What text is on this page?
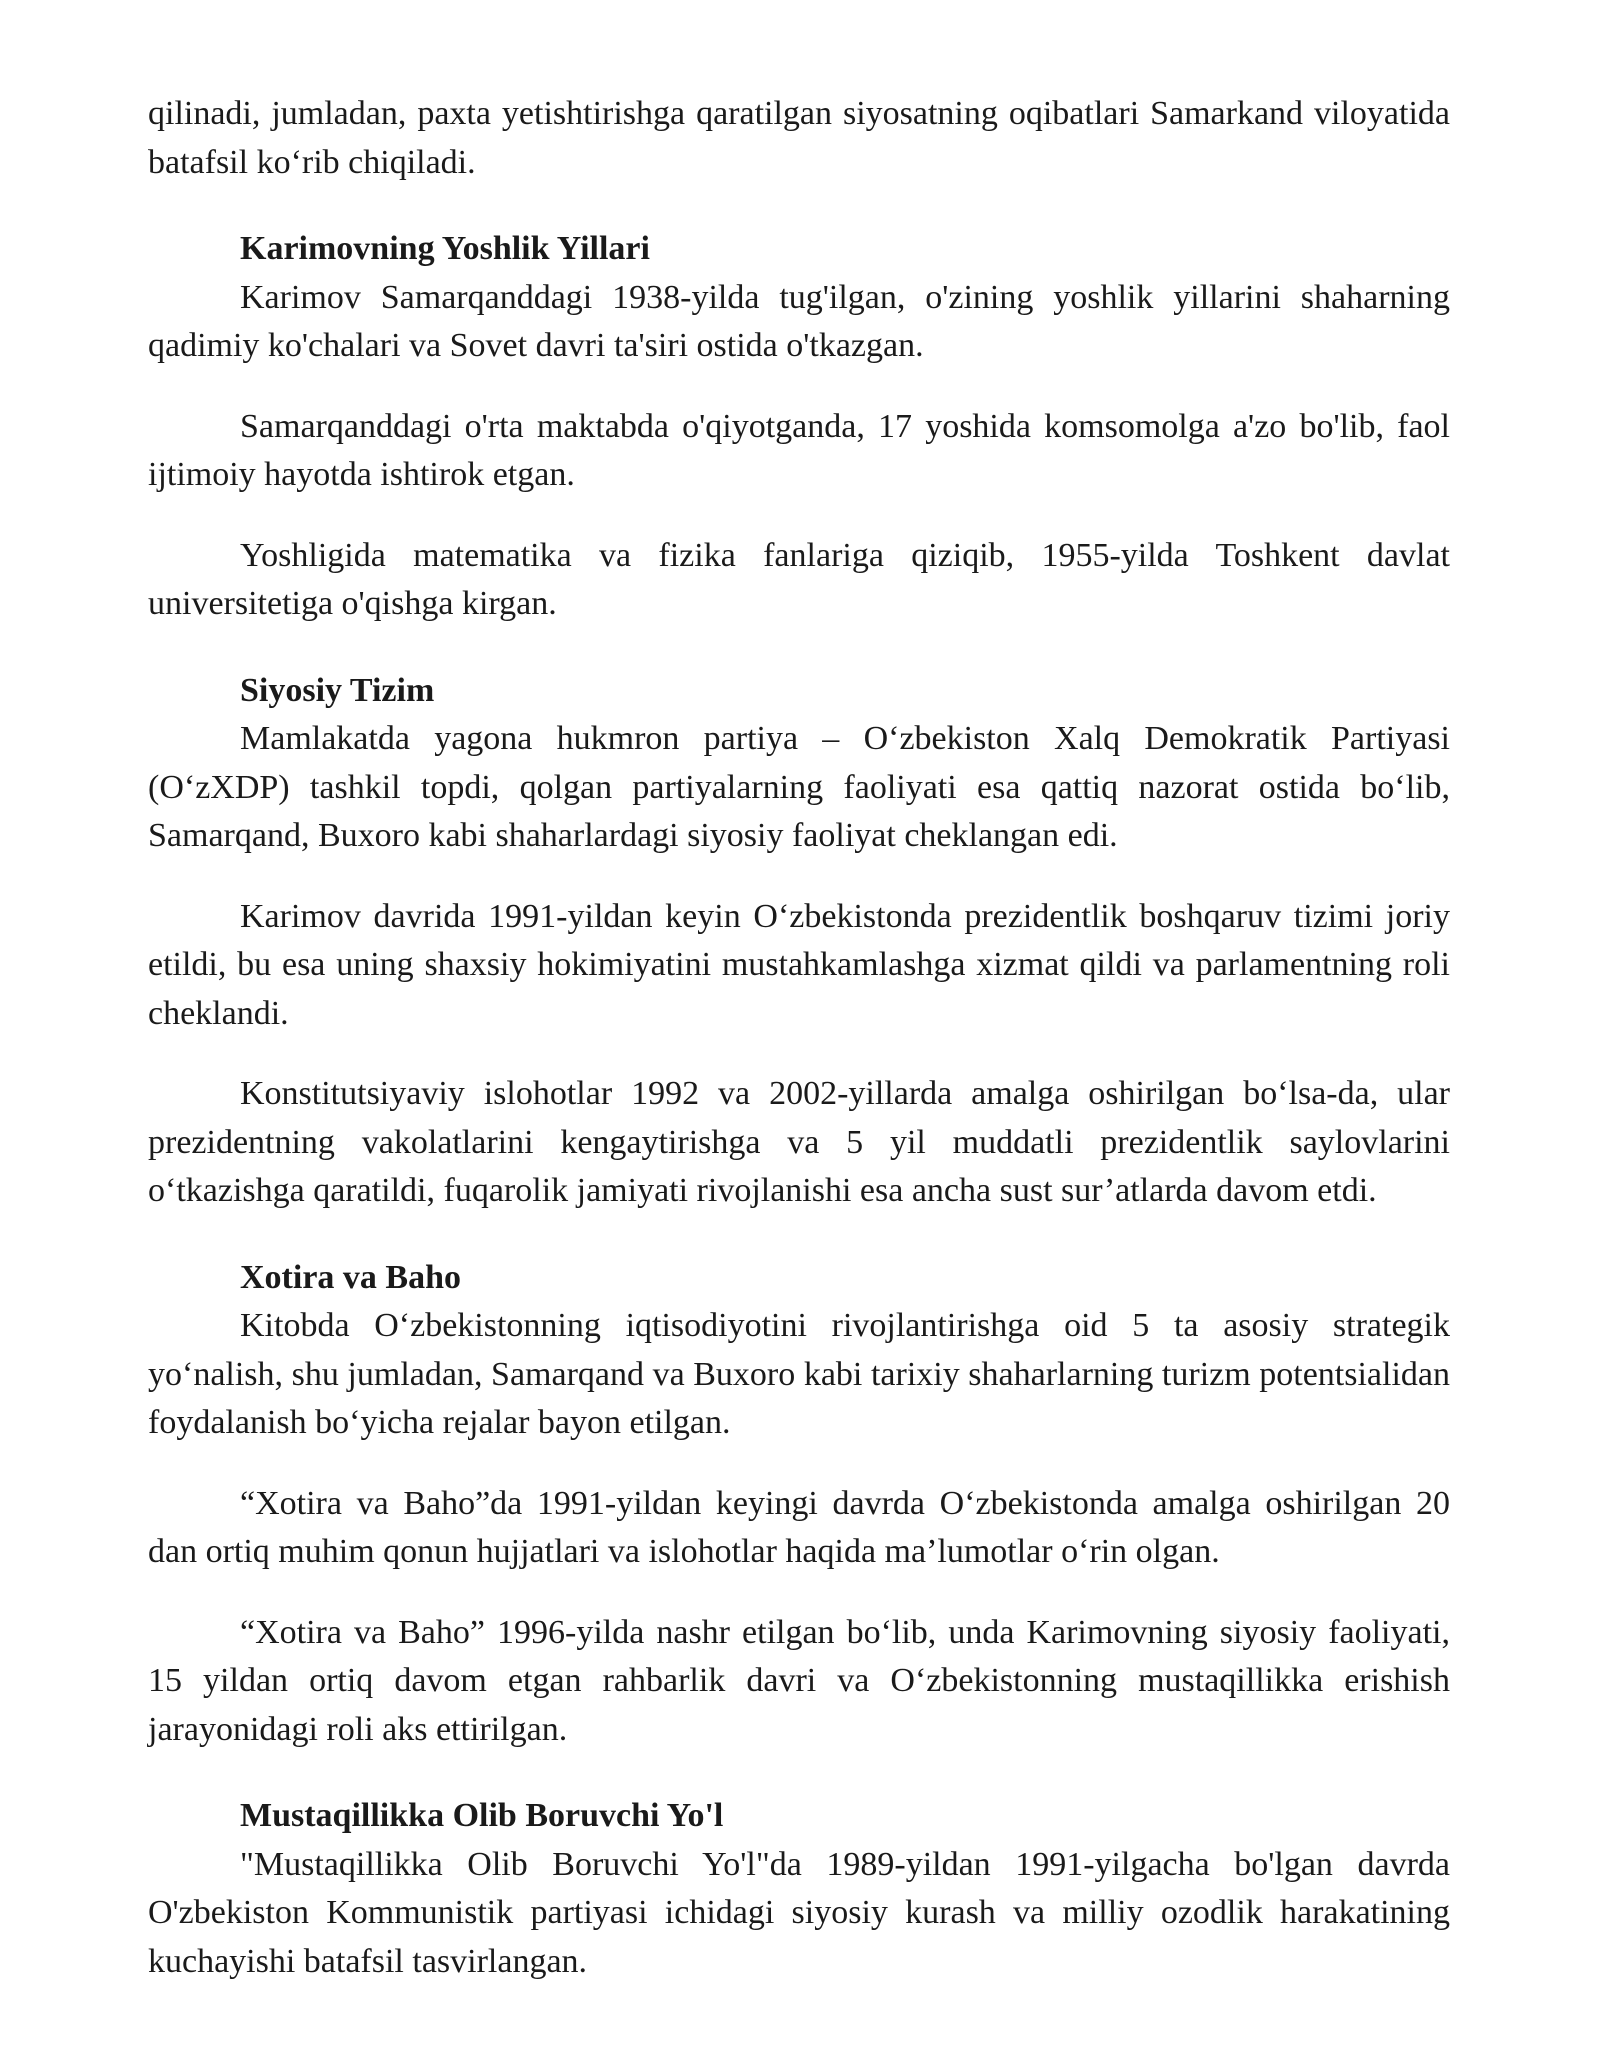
qilinadi, jumladan, paxta yetishtirishga qaratilgan siyosatning oqibatlari Samarkand viloyatida batafsil ko‘rib chiqiladi.

Karimovning Yoshlik Yillari

Karimov Samarqanddagi 1938-yilda tug'ilgan, o'zining yoshlik yillarini shaharning qadimiy ko'chalari va Sovet davri ta'siri ostida o'tkazgan.

Samarqanddagi o'rta maktabda o'qiyotganda, 17 yoshida komsomolga a'zo bo'lib, faol ijtimoiy hayotda ishtirok etgan.

Yoshligida matematika va fizika fanlariga qiziqib, 1955-yilda Toshkent davlat universitetiga o'qishga kirgan.

Siyosiy Tizim

Mamlakatda yagona hukmron partiya – O‘zbekiston Xalq Demokratik Partiyasi (O‘zXDP) tashkil topdi, qolgan partiyalarning faoliyati esa qattiq nazorat ostida bo‘lib, Samarqand, Buxoro kabi shaharlardagi siyosiy faoliyat cheklangan edi.

Karimov davrida 1991-yildan keyin O‘zbekistonda prezidentlik boshqaruv tizimi joriy etildi, bu esa uning shaxsiy hokimiyatini mustahkamlashga xizmat qildi va parlamentning roli cheklandi.

Konstitutsiyaviy islohotlar 1992 va 2002-yillarda amalga oshirilgan bo‘lsa-da, ular prezidentning vakolatlarini kengaytirishga va 5 yil muddatli prezidentlik saylovlarini o‘tkazishga qaratildi, fuqarolik jamiyati rivojlanishi esa ancha sust sur’atlarda davom etdi.

Xotira va Baho

Kitobda O‘zbekistonning iqtisodiyotini rivojlantirishga oid 5 ta asosiy strategik yo‘nalish, shu jumladan, Samarqand va Buxoro kabi tarixiy shaharlarning turizm potentsialidan foydalanish bo‘yicha rejalar bayon etilgan.

“Xotira va Baho”da 1991-yildan keyingi davrda O‘zbekistonda amalga oshirilgan 20 dan ortiq muhim qonun hujjatlari va islohotlar haqida ma’lumotlar o‘rin olgan.

“Xotira va Baho” 1996-yilda nashr etilgan bo‘lib, unda Karimovning siyosiy faoliyati, 15 yildan ortiq davom etgan rahbarlik davri va O‘zbekistonning mustaqillikka erishish jarayonidagi roli aks ettirilgan.

Mustaqillikka Olib Boruvchi Yo'l

"Mustaqillikka Olib Boruvchi Yo'l"da 1989-yildan 1991-yilgacha bo'lgan davrda O'zbekiston Kommunistik partiyasi ichidagi siyosiy kurash va milliy ozodlik harakatining kuchayishi batafsil tasvirlangan.
